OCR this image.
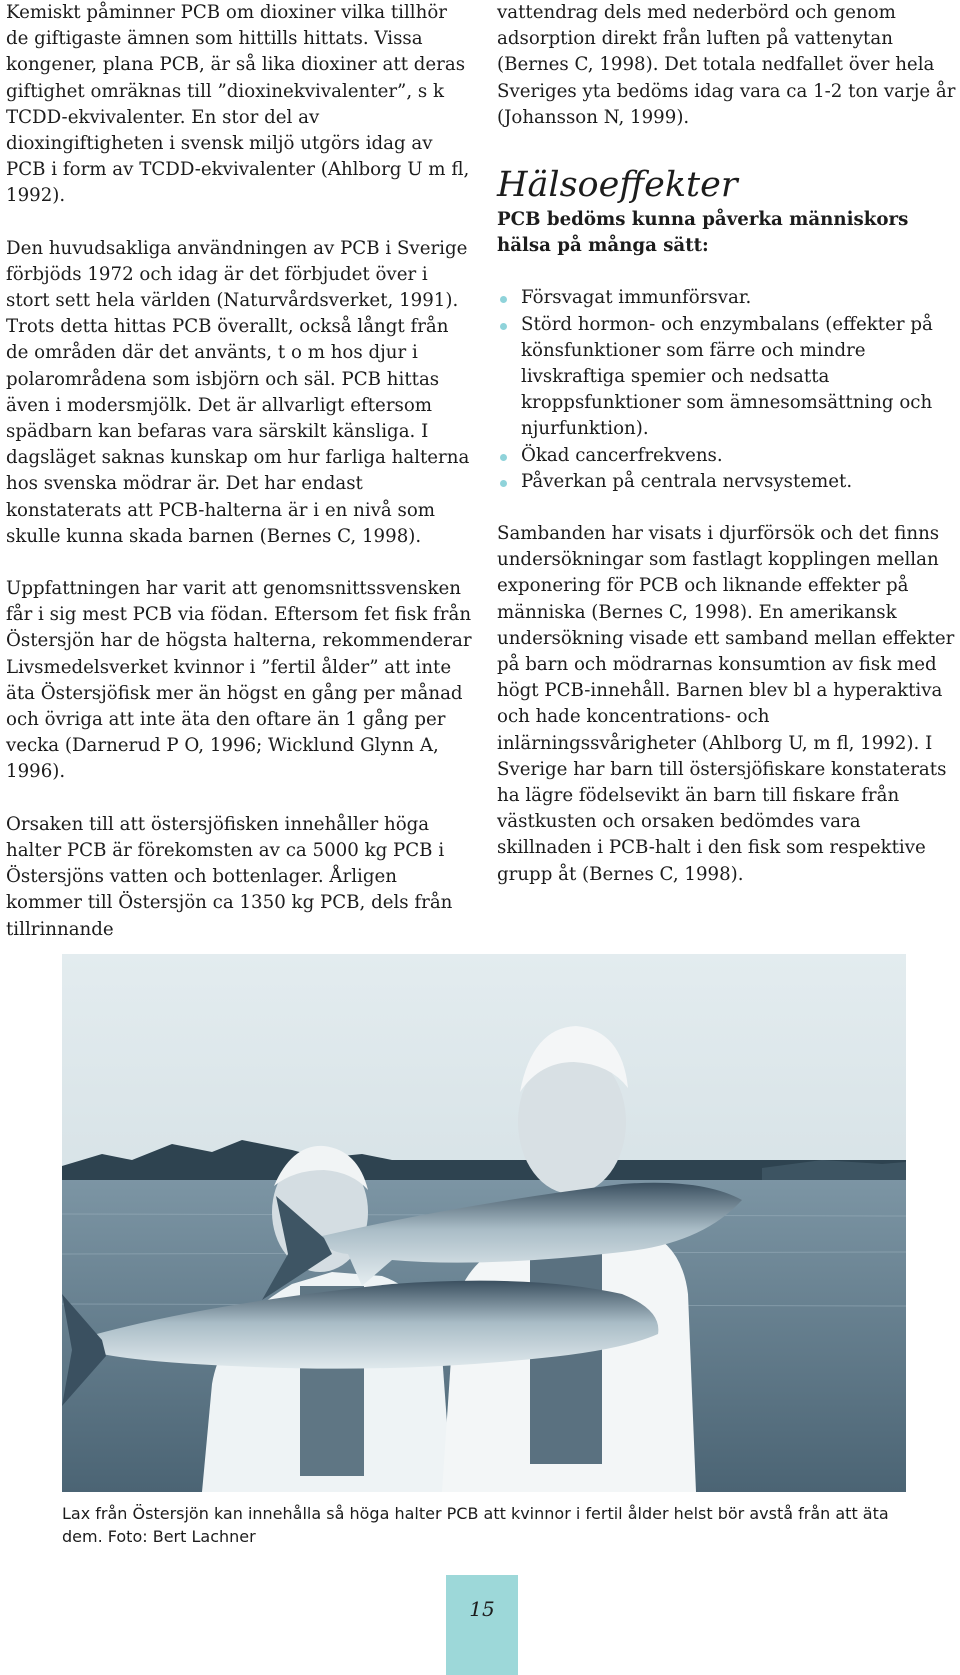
Kemiskt påminner PCB om dioxiner vilka tillhör de giftigaste ämnen som hittills hittats. Vissa kongener, plana PCB, är så lika dioxiner att deras giftighet omräknas till ”dioxinekvivalenter”, s k TCDD-ekvivalenter. En stor del av dioxingiftigheten i svensk miljö utgörs idag av PCB i form av TCDD-ekvivalenter (Ahlborg U m fl, 1992).

Den huvudsakliga användningen av PCB i Sverige förbjöds 1972 och idag är det förbjudet över i stort sett hela världen (Naturvårdsverket, 1991). Trots detta hittas PCB överallt, också långt från de områden där det använts, t o m hos djur i polarområdena som isbjörn och säl. PCB hittas även i modersmjölk. Det är allvarligt eftersom spädbarn kan befaras vara särskilt känsliga. I dagsläget saknas kunskap om hur farliga halterna hos svenska mödrar är. Det har endast konstaterats att PCB-halterna är i en nivå som skulle kunna skada barnen (Bernes C, 1998).

Uppfattningen har varit att genomsnittssvensken får i sig mest PCB via födan. Eftersom fet fisk från Östersjön har de högsta halterna, rekommenderar Livsmedelsverket kvinnor i ”fertil ålder” att inte äta Östersjöfisk mer än högst en gång per månad och övriga att inte äta den oftare än 1 gång per vecka (Darnerud P O, 1996; Wicklund Glynn A, 1996).

Orsaken till att östersjöfisken innehåller höga halter PCB är förekomsten av ca 5000 kg PCB i Östersjöns vatten och bottenlager. Årligen kommer till Östersjön ca 1350 kg PCB, dels från tillrinnande

vattendrag dels med nederbörd och genom adsorption direkt från luften på vattenytan (Bernes C, 1998). Det totala nedfallet över hela Sveriges yta bedöms idag vara ca 1-2 ton varje år (Johansson N, 1999).

Hälsoeffekter

PCB bedöms kunna påverka människors hälsa på många sätt:

Försvagat immunförsvar.
Störd hormon- och enzymbalans (effekter på könsfunktioner som färre och mindre livskraftiga spemier och nedsatta kroppsfunktioner som ämnesomsättning och njurfunktion).
Ökad cancerfrekvens.
Påverkan på centrala nervsystemet.

Sambanden har visats i djurförsök och det finns undersökningar som fastlagt kopplingen mellan exponering för PCB och liknande effekter på människa (Bernes C, 1998). En amerikansk undersökning visade ett samband mellan effekter på barn och mödrarnas konsumtion av fisk med högt PCB-innehåll. Barnen blev bl a hyperaktiva och hade koncentrations- och inlärningssvårigheter (Ahlborg U, m fl, 1992). I Sverige har barn till östersjöfiskare konstaterats ha lägre födelsevikt än barn till fiskare från västkusten och orsaken bedömdes vara skillnaden i PCB-halt i den fisk som respektive grupp åt (Bernes C, 1998).

Lax från Östersjön kan innehålla så höga halter PCB att kvinnor i fertil ålder helst bör avstå från att äta dem. Foto: Bert Lachner
15
